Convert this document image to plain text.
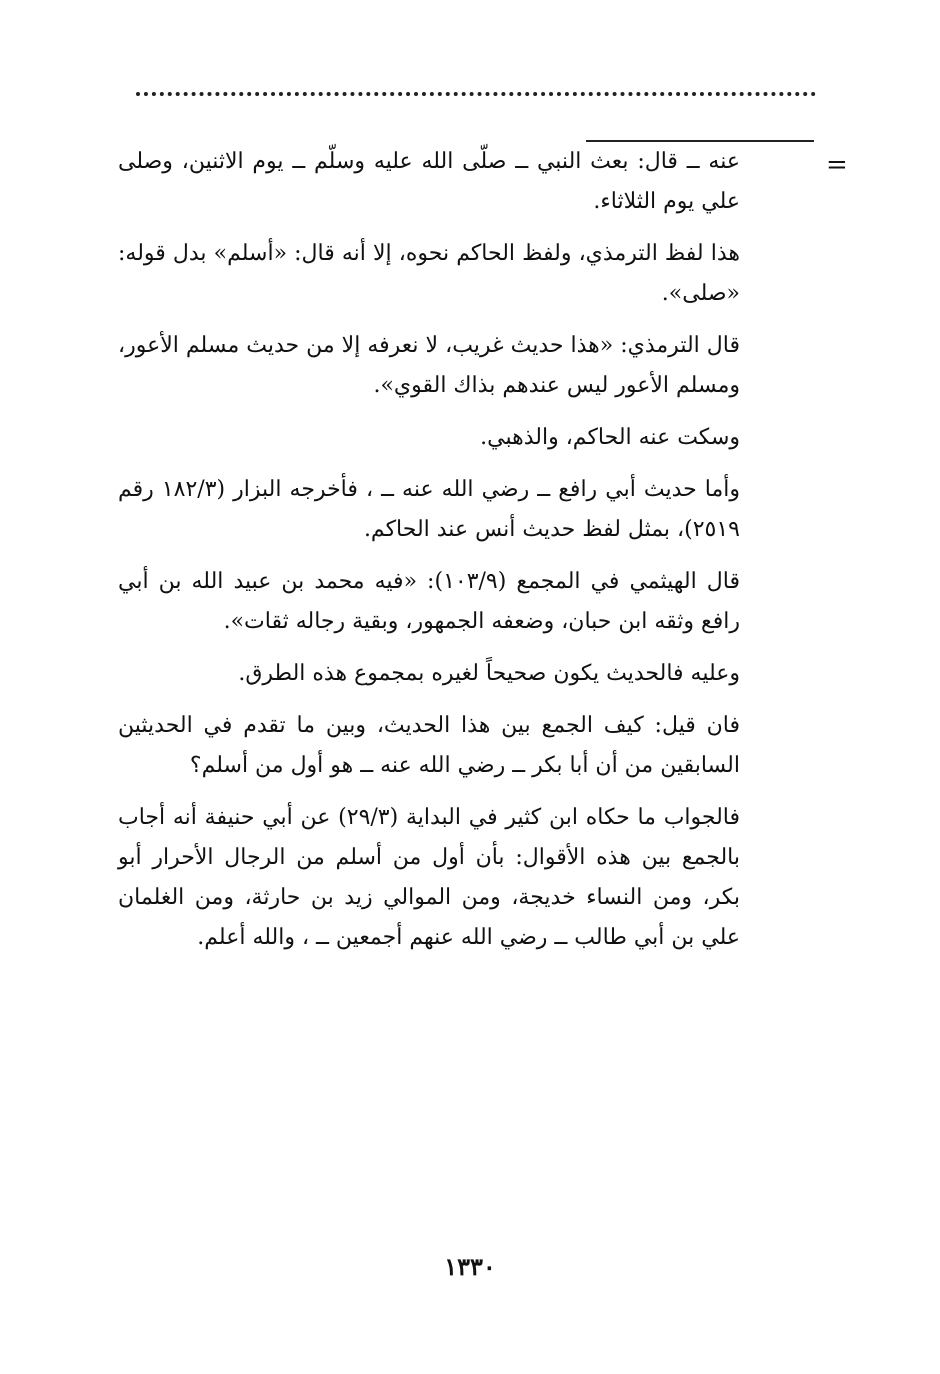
=

عنه ــ قال: بعث النبي ــ صلّى الله عليه وسلّم ــ يوم الاثنين، وصلى علي يوم الثلاثاء.

هذا لفظ الترمذي، ولفظ الحاكم نحوه، إلا أنه قال: «أسلم» بدل قوله: «صلى».

قال الترمذي: «هذا حديث غريب، لا نعرفه إلا من حديث مسلم الأعور، ومسلم الأعور ليس عندهم بذاك القوي».

وسكت عنه الحاكم، والذهبي.

وأما حديث أبي رافع ــ رضي الله عنه ــ ، فأخرجه البزار (١٨٢/٣ رقم ٢٥١٩)، بمثل لفظ حديث أنس عند الحاكم.

قال الهيثمي في المجمع (١٠٣/٩): «فيه محمد بن عبيد الله بن أبي رافع وثقه ابن حبان، وضعفه الجمهور، وبقية رجاله ثقات».

وعليه فالحديث يكون صحيحاً لغيره بمجموع هذه الطرق.

فان قيل: كيف الجمع بين هذا الحديث، وبين ما تقدم في الحديثين السابقين من أن أبا بكر ــ رضي الله عنه ــ هو أول من أسلم؟

فالجواب ما حكاه ابن كثير في البداية (٢٩/٣) عن أبي حنيفة أنه أجاب بالجمع بين هذه الأقوال: بأن أول من أسلم من الرجال الأحرار أبو بكر، ومن النساء خديجة، ومن الموالي زيد بن حارثة، ومن الغلمان علي بن أبي طالب ــ رضي الله عنهم أجمعين ــ ، والله أعلم.

١٣٣٠
